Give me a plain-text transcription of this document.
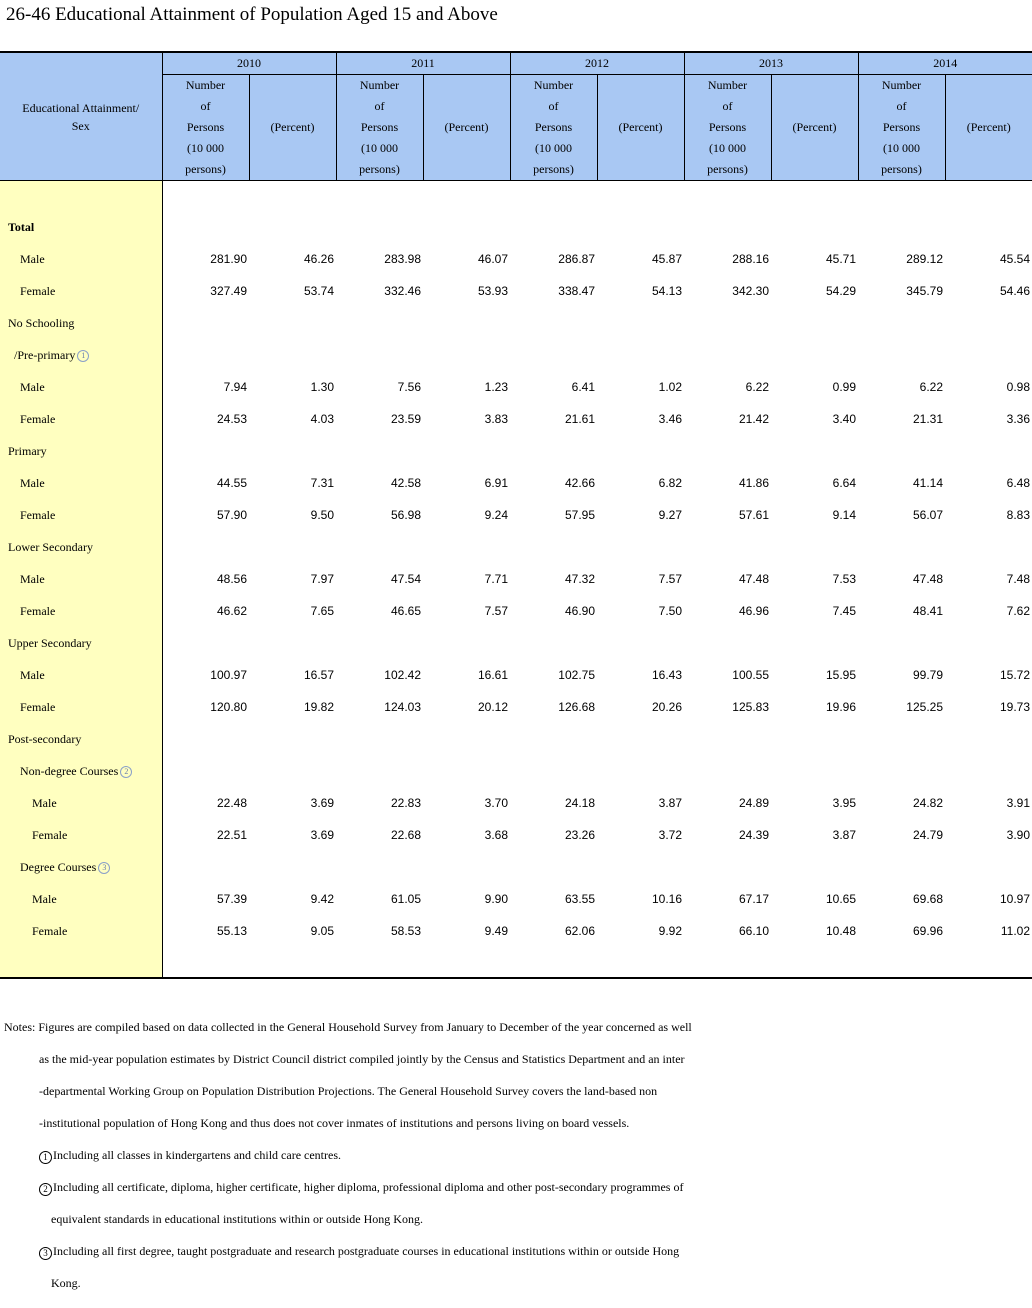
26-46 Educational Attainment of Population Aged 15 and Above
Educational Attainment/
Sex	2010		2011		2012		2013		2014	
	Number
of
Persons
(10 000
persons)	(Percent)	Number
of
Persons
(10 000
persons)	(Percent)	Number
of
Persons
(10 000
persons)	(Percent)	Number
of
Persons
(10 000
persons)	(Percent)	Number
of
Persons
(10 000
persons)	(Percent)

Total										
Male	281.90	46.26	283.98	46.07	286.87	45.87	288.16	45.71	289.12	45.54
Female	327.49	53.74	332.46	53.93	338.47	54.13	342.30	54.29	345.79	54.46
No Schooling										
/Pre-primary 1										
Male	7.94	1.30	7.56	1.23	6.41	1.02	6.22	0.99	6.22	0.98
Female	24.53	4.03	23.59	3.83	21.61	3.46	21.42	3.40	21.31	3.36
Primary										
Male	44.55	7.31	42.58	6.91	42.66	6.82	41.86	6.64	41.14	6.48
Female	57.90	9.50	56.98	9.24	57.95	9.27	57.61	9.14	56.07	8.83
Lower Secondary										
Male	48.56	7.97	47.54	7.71	47.32	7.57	47.48	7.53	47.48	7.48
Female	46.62	7.65	46.65	7.57	46.90	7.50	46.96	7.45	48.41	7.62
Upper Secondary										
Male	100.97	16.57	102.42	16.61	102.75	16.43	100.55	15.95	99.79	15.72
Female	120.80	19.82	124.03	20.12	126.68	20.26	125.83	19.96	125.25	19.73
Post-secondary										
Non-degree Courses 2										
Male	22.48	3.69	22.83	3.70	24.18	3.87	24.89	3.95	24.82	3.91
Female	22.51	3.69	22.68	3.68	23.26	3.72	24.39	3.87	24.79	3.90
Degree Courses 3										
Male	57.39	9.42	61.05	9.90	63.55	10.16	67.17	10.65	69.68	10.97
Female	55.13	9.05	58.53	9.49	62.06	9.92	66.10	10.48	69.96	11.02

Notes: Figures are compiled based on data collected in the General Household Survey from January to December of the year concerned as well

as the mid-year population estimates by District Council district compiled jointly by the Census and Statistics Department and an inter

-departmental Working Group on Population Distribution Projections. The General Household Survey covers the land-based non

-institutional population of Hong Kong and thus does not cover inmates of institutions and persons living on board vessels.

1 Including all classes in kindergartens and child care centres.

2 Including all certificate, diploma, higher certificate, higher diploma, professional diploma and other post-secondary programmes of

equivalent standards in educational institutions within or outside Hong Kong.

3 Including all first degree, taught postgraduate and research postgraduate courses in educational institutions within or outside Hong

Kong.
